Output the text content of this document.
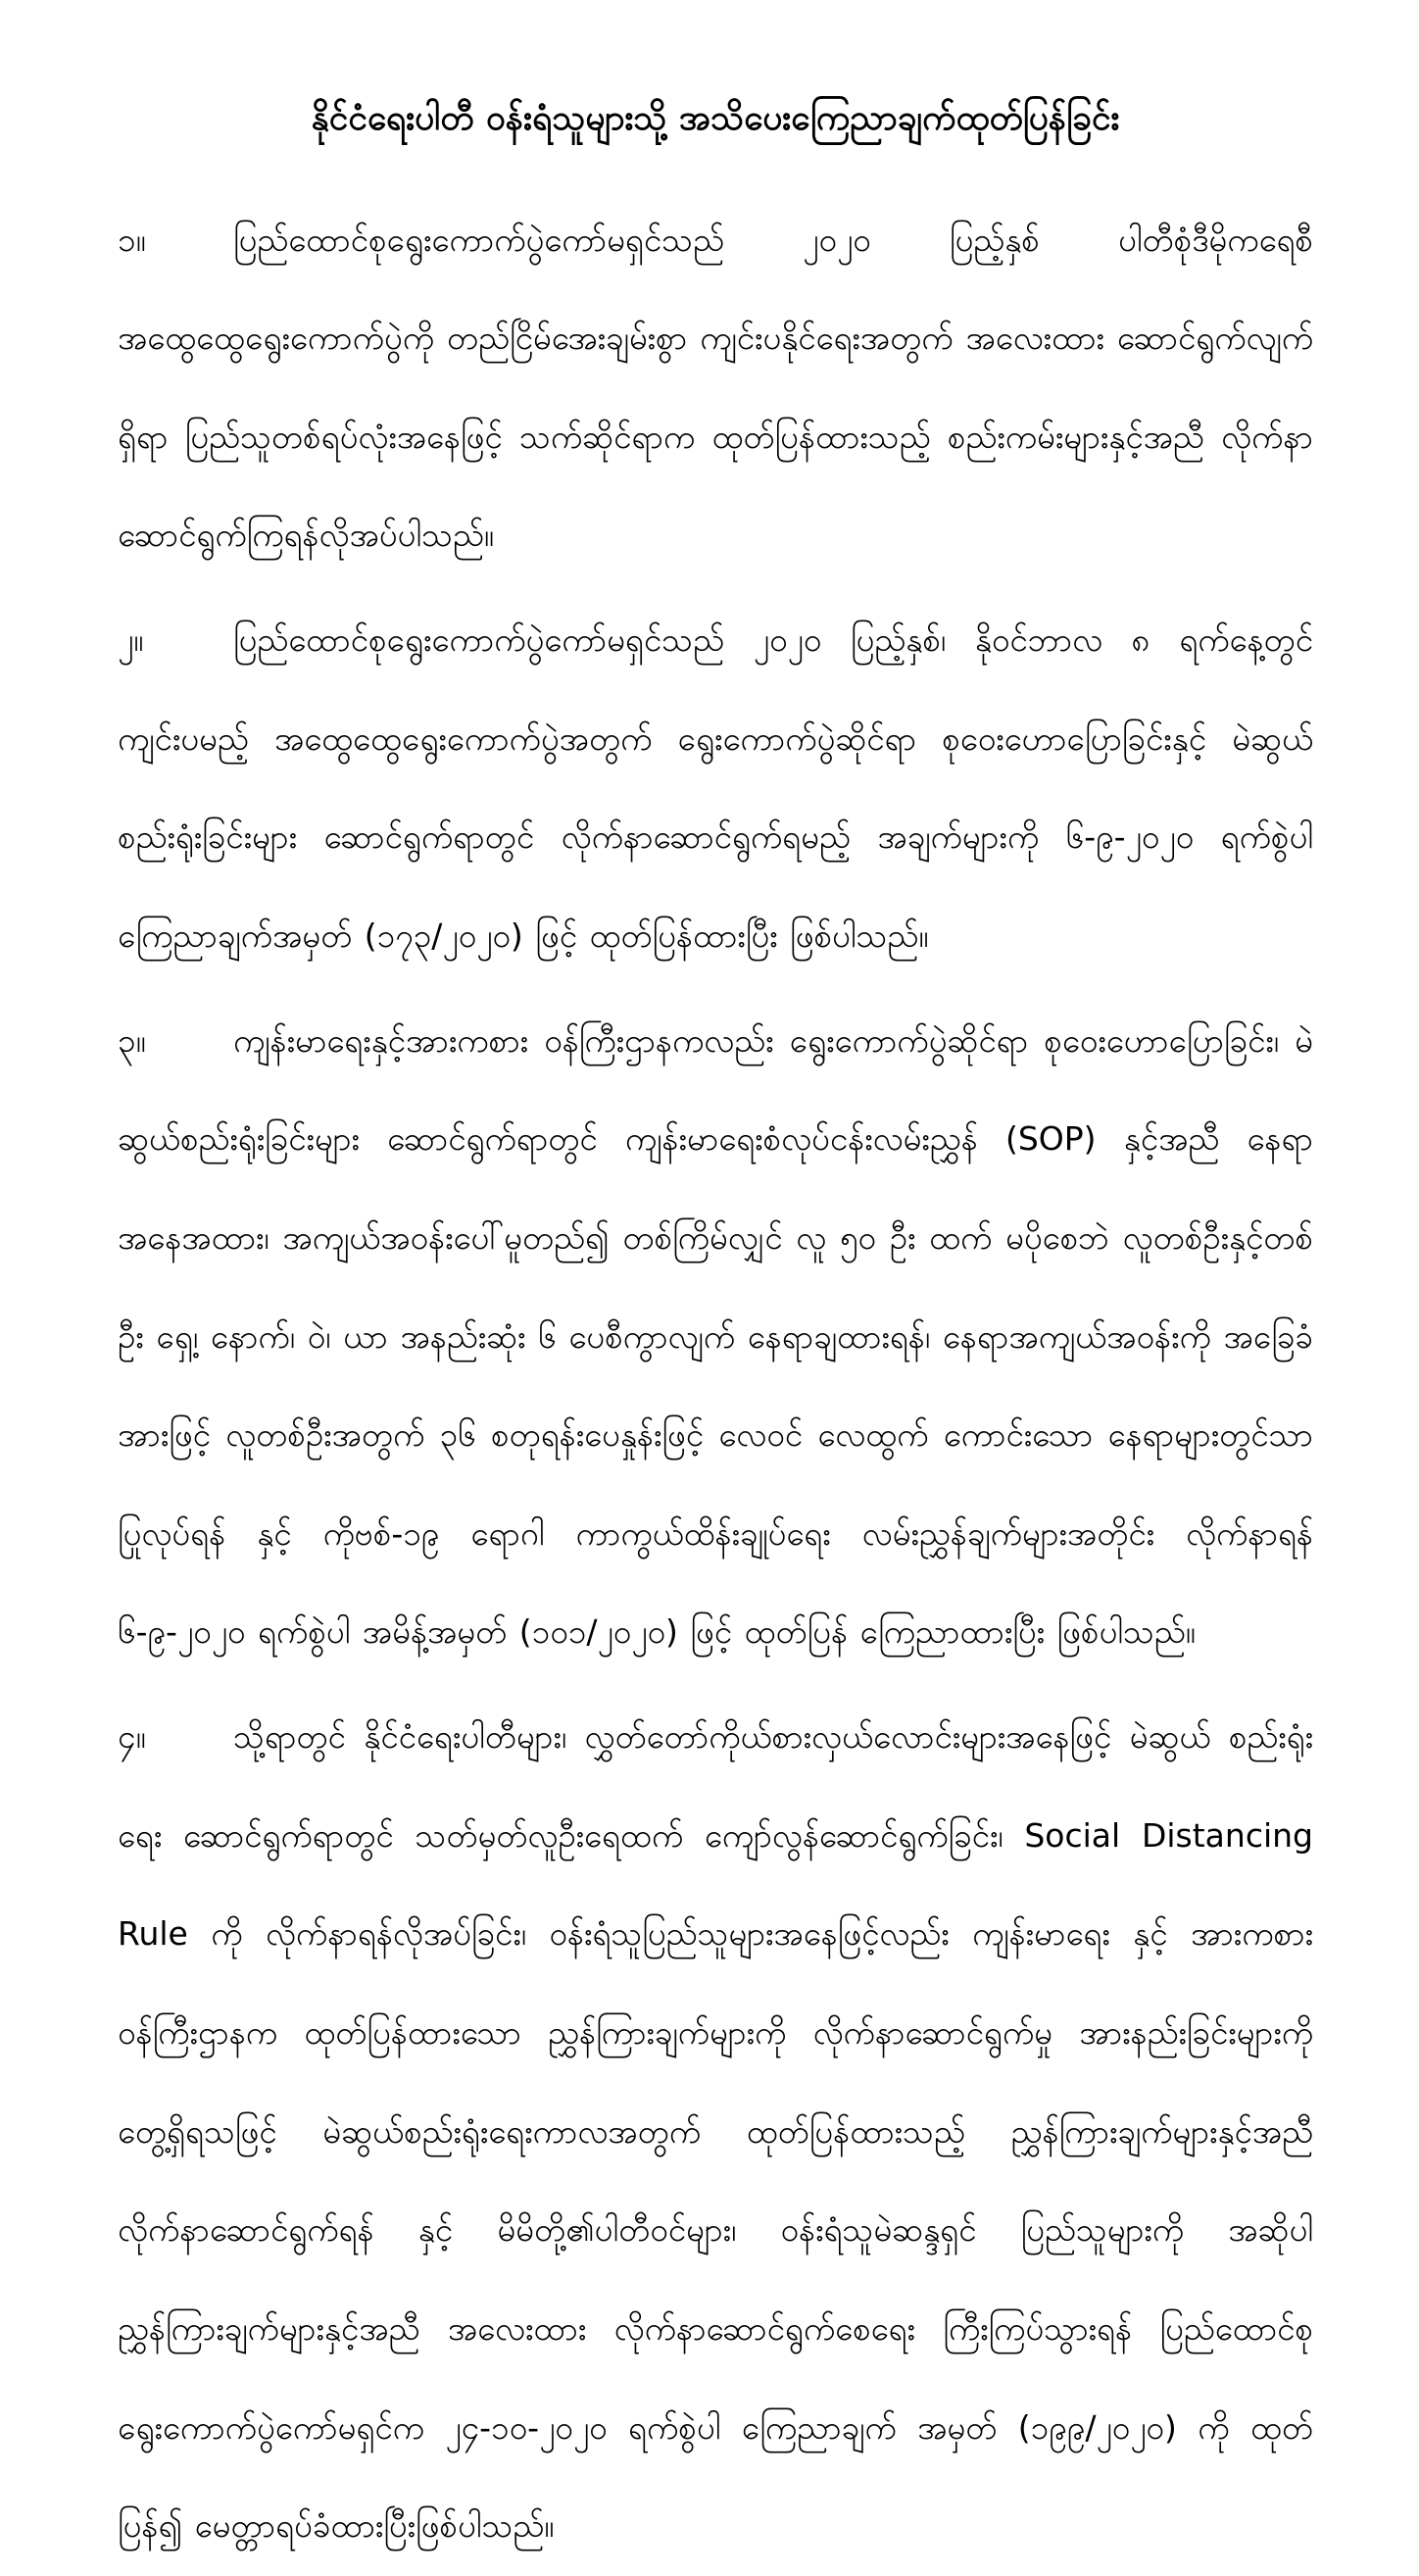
နိုင်ငံရေးပါတီ ဝန်းရံသူများသို့ အသိပေးကြေညာချက်ထုတ်ပြန်ခြင်း
၁။	ပြည်ထောင်စုရွေးကောက်ပွဲကော်မရှင်သည် ၂၀၂၀ ပြည့်နှစ် ပါတီစုံဒီမိုကရေစီ အထွေထွေရွေးကောက်ပွဲကို တည်ငြိမ်အေးချမ်းစွာ ကျင်းပနိုင်ရေးအတွက် အလေးထား ဆောင်ရွက်လျက်ရှိရာ ပြည်သူတစ်ရပ်လုံးအနေဖြင့် သက်ဆိုင်ရာက ထုတ်ပြန်ထားသည့် စည်းကမ်းများနှင့်အညီ လိုက်နာဆောင်ရွက်ကြရန်လိုအပ်ပါသည်။
၂။	ပြည်ထောင်စုရွေးကောက်ပွဲကော်မရှင်သည် ၂၀၂၀ ပြည့်နှစ်၊ နိုဝင်ဘာလ ၈ ရက်နေ့တွင် ကျင်းပမည့် အထွေထွေရွေးကောက်ပွဲအတွက် ရွေးကောက်ပွဲဆိုင်ရာ စုဝေးဟောပြောခြင်းနှင့် မဲဆွယ်စည်းရုံးခြင်းများ ဆောင်ရွက်ရာတွင် လိုက်နာဆောင်ရွက်ရမည့် အချက်များကို ၆-၉-၂၀၂၀ ရက်စွဲပါ ကြေညာချက်အမှတ် (၁၇၃/၂၀၂၀) ဖြင့် ထုတ်ပြန်ထားပြီး ဖြစ်ပါသည်။
၃။	ကျန်းမာရေးနှင့်အားကစား ဝန်ကြီးဌာနကလည်း ရွေးကောက်ပွဲဆိုင်ရာ စုဝေးဟောပြောခြင်း၊ မဲဆွယ်စည်းရုံးခြင်းများ ဆောင်ရွက်ရာတွင် ကျန်းမာရေးစံလုပ်ငန်းလမ်းညွှန် (SOP) နှင့်အညီ နေရာအနေအထား၊ အကျယ်အဝန်းပေါ်မူတည်၍ တစ်ကြိမ်လျှင် လူ ၅၀ ဦး ထက် မပိုစေဘဲ လူတစ်ဦးနှင့်တစ်ဦး ရှေ့၊ နောက်၊ ဝဲ၊ ယာ အနည်းဆုံး ၆ ပေစီကွာလျက် နေရာချထားရန်၊ နေရာအကျယ်အဝန်းကို အခြေခံအားဖြင့် လူတစ်ဦးအတွက် ၃၆ စတုရန်းပေနှုန်းဖြင့် လေဝင် လေထွက် ကောင်းသော နေရာများတွင်သာပြုလုပ်ရန် နှင့် ကိုဗစ်-၁၉ ရောဂါ ကာကွယ်ထိန်းချုပ်ရေး လမ်းညွှန်ချက်များအတိုင်း လိုက်နာရန် ၆-၉-၂၀၂၀ ရက်စွဲပါ အမိန့်အမှတ် (၁၀၁/၂၀၂၀) ဖြင့် ထုတ်ပြန် ကြေညာထားပြီး ဖြစ်ပါသည်။
၄။	သို့ရာတွင် နိုင်ငံရေးပါတီများ၊ လွှတ်တော်ကိုယ်စားလှယ်လောင်းများအနေဖြင့် မဲဆွယ် စည်းရုံးရေး ဆောင်ရွက်ရာတွင် သတ်မှတ်လူဦးရေထက် ကျော်လွန်ဆောင်ရွက်ခြင်း၊ Social Distancing Rule ကို လိုက်နာရန်လိုအပ်ခြင်း၊ ဝန်းရံသူပြည်သူများအနေဖြင့်လည်း ကျန်းမာရေး နှင့် အားကစားဝန်ကြီးဌာနက ထုတ်ပြန်ထားသော ညွှန်ကြားချက်များကို လိုက်နာဆောင်ရွက်မှု အားနည်းခြင်းများကို တွေ့ရှိရသဖြင့် မဲဆွယ်စည်းရုံးရေးကာလအတွက် ထုတ်ပြန်ထားသည့် ညွှန်ကြားချက်များနှင့်အညီ လိုက်နာဆောင်ရွက်ရန် နှင့် မိမိတို့၏ပါတီဝင်များ၊ ဝန်းရံသူမဲဆန္ဒရှင် ပြည်သူများကို အဆိုပါညွှန်ကြားချက်များနှင့်အညီ အလေးထား လိုက်နာဆောင်ရွက်စေရေး ကြီးကြပ်သွားရန် ပြည်ထောင်စုရွေးကောက်ပွဲကော်မရှင်က ၂၄-၁၀-၂၀၂၀ ရက်စွဲပါ ကြေညာချက် အမှတ် (၁၉၉/၂၀၂၀) ကို ထုတ်ပြန်၍ မေတ္တာရပ်ခံထားပြီးဖြစ်ပါသည်။
